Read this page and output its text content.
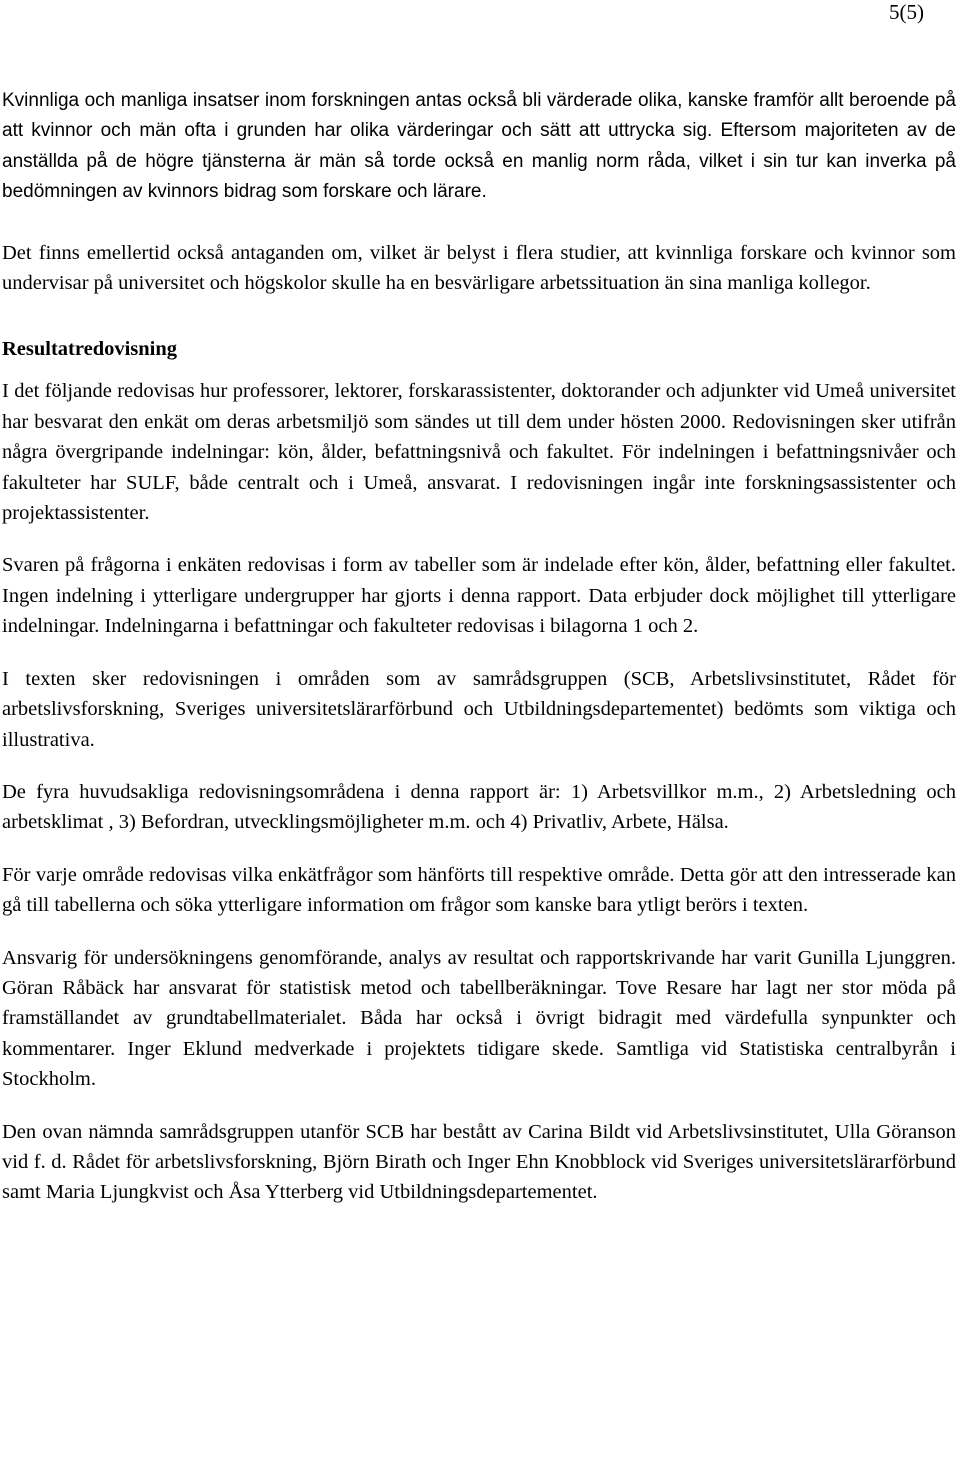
5(5)

Kvinnliga och manliga insatser inom forskningen antas också bli värderade olika, kanske framför allt beroende på att kvinnor och män ofta i grunden har olika värderingar och sätt att uttrycka sig. Eftersom majoriteten av de anställda på de högre tjänsterna är män så torde också en manlig norm råda, vilket i sin tur kan inverka på bedömningen av kvinnors bidrag som forskare och lärare.

Det finns emellertid också antaganden om, vilket är belyst i flera studier, att kvinnliga forskare och kvinnor som undervisar på universitet och högskolor skulle ha en besvärligare arbetssituation än sina manliga kollegor.

Resultatredovisning

I det följande redovisas hur professorer, lektorer, forskarassistenter, doktorander och adjunkter vid Umeå universitet har besvarat den enkät om deras arbetsmiljö som sändes ut till dem under hösten 2000. Redovisningen sker utifrån några övergripande indelningar: kön, ålder, befattningsnivå och fakultet. För indelningen i befattningsnivåer och fakulteter har SULF, både centralt och i Umeå, ansvarat. I redovisningen ingår inte forskningsassistenter och projektassistenter.

Svaren på frågorna i enkäten redovisas i form av tabeller som är indelade efter kön, ålder, befattning eller fakultet. Ingen indelning i ytterligare undergrupper har gjorts i denna rapport. Data erbjuder dock möjlighet till ytterligare indelningar. Indelningarna i befattningar och fakulteter redovisas i bilagorna 1 och 2.

I texten sker redovisningen i områden som av samrådsgruppen (SCB, Arbetslivsinstitutet, Rådet för arbetslivsforskning, Sveriges universitetslärarförbund och Utbildningsdepartementet) bedömts som viktiga och illustrativa.

De fyra huvudsakliga redovisningsområdena i denna rapport är: 1) Arbetsvillkor m.m., 2) Arbetsledning och arbetsklimat , 3) Befordran, utvecklingsmöjligheter m.m. och 4) Privatliv, Arbete, Hälsa.

För varje område redovisas vilka enkätfrågor som hänförts till respektive område. Detta gör att den intresserade kan gå till tabellerna och söka ytterligare information om frågor som kanske bara ytligt berörs i texten.

Ansvarig för undersökningens genomförande, analys av resultat och rapportskrivande har varit Gunilla Ljunggren. Göran Råbäck har ansvarat för statistisk metod och tabellberäkningar. Tove Resare har lagt ner stor möda på framställandet av grundtabellmaterialet. Båda har också i övrigt bidragit med värdefulla synpunkter och kommentarer. Inger Eklund medverkade i projektets tidigare skede. Samtliga vid Statistiska centralbyrån i Stockholm.

Den ovan nämnda samrådsgruppen utanför SCB har bestått av Carina Bildt vid Arbetslivsinstitutet, Ulla Göranson vid f. d. Rådet för arbetslivsforskning, Björn Birath och Inger Ehn Knobblock vid Sveriges universitetslärarförbund samt Maria Ljungkvist och Åsa Ytterberg vid Utbildningsdepartementet.
